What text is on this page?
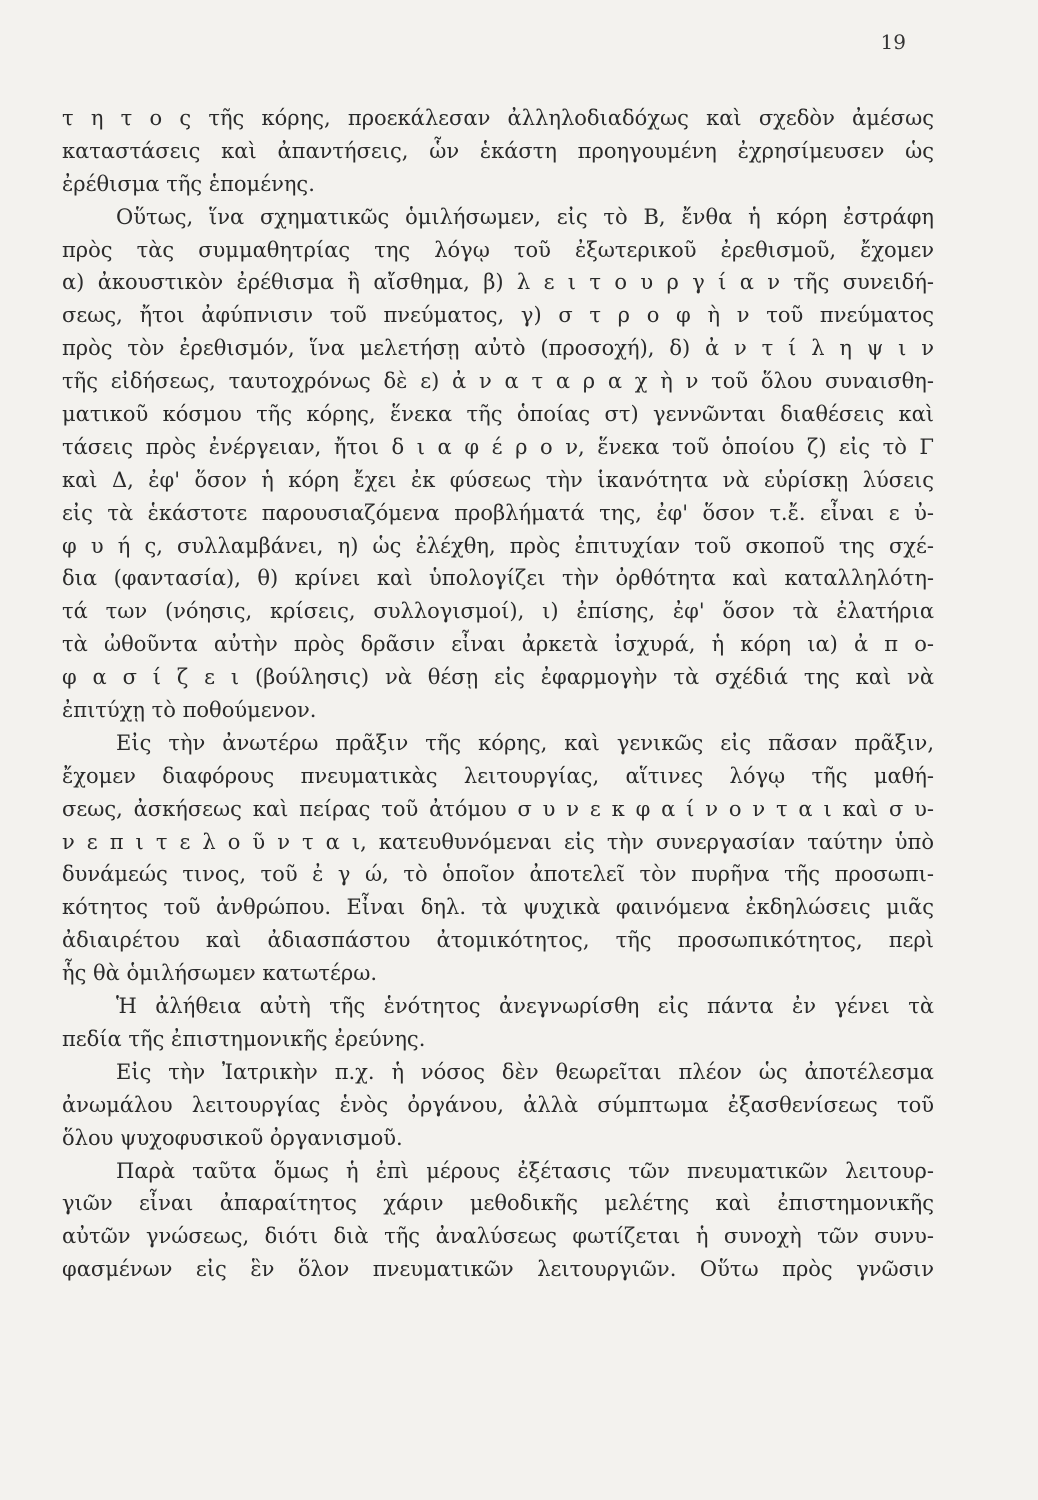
19
τ η τ ο ς τῆς κόρης, προεκάλεσαν ἀλληλοδιαδόχως καὶ σχεδὸν ἀμέσως
καταστάσεις καὶ ἀπαντήσεις, ὧν ἑκάστη προηγουμένη ἐχρησίμευσεν ὡς
ἐρέθισμα τῆς ἑπομένης.
Οὕτως, ἵνα σχηματικῶς ὁμιλήσωμεν, εἰς τὸ B, ἔνθα ἡ κόρη ἐστράφη
πρὸς τὰς συμμαθητρίας της λόγῳ τοῦ ἐξωτερικοῦ ἐρεθισμοῦ, ἔχομεν
α) ἀκουστικὸν ἐρέθισμα ἢ αἴσθημα, β) λ ε ι τ ο υ ρ γ ί α ν τῆς συνειδή-
σεως, ἤτοι ἀφύπνισιν τοῦ πνεύματος, γ) σ τ ρ ο φ ὴ ν τοῦ πνεύματος
πρὸς τὸν ἐρεθισμόν, ἵνα μελετήσῃ αὐτὸ (προσοχή), δ) ἀ ν τ ί λ η ψ ι ν
τῆς εἰδήσεως, ταυτοχρόνως δὲ ε) ἀ ν α τ α ρ α χ ὴ ν τοῦ ὅλου συναισθη-
ματικοῦ κόσμου τῆς κόρης, ἕνεκα τῆς ὁποίας στ) γεννῶνται διαθέσεις καὶ
τάσεις πρὸς ἐνέργειαν, ἤτοι δ ι α φ έ ρ ο ν, ἕνεκα τοῦ ὁποίου ζ) εἰς τὸ Γ
καὶ Δ, ἐφ' ὅσον ἡ κόρη ἔχει ἐκ φύσεως τὴν ἱκανότητα νὰ εὑρίσκῃ λύσεις
εἰς τὰ ἑκάστοτε παρουσιαζόμενα προβλήματά της, ἐφ' ὅσον τ.ἔ. εἶναι ε ὐ-
φ υ ή ς, συλλαμβάνει, η) ὡς ἐλέχθη, πρὸς ἐπιτυχίαν τοῦ σκοποῦ της σχέ-
δια (φαντασία), θ) κρίνει καὶ ὑπολογίζει τὴν ὀρθότητα καὶ καταλληλότη-
τά των (νόησις, κρίσεις, συλλογισμοί), ι) ἐπίσης, ἐφ' ὅσον τὰ ἐλατήρια
τὰ ὠθοῦντα αὐτὴν πρὸς δρᾶσιν εἶναι ἀρκετὰ ἰσχυρά, ἡ κόρη ια) ἀ π ο-
φ α σ ί ζ ε ι (βούλησις) νὰ θέσῃ εἰς ἐφαρμογὴν τὰ σχέδιά της καὶ νὰ
ἐπιτύχῃ τὸ ποθούμενον.
Εἰς τὴν ἀνωτέρω πρᾶξιν τῆς κόρης, καὶ γενικῶς εἰς πᾶσαν πρᾶξιν,
ἔχομεν διαφόρους πνευματικὰς λειτουργίας, αἵτινες λόγῳ τῆς μαθή-
σεως, ἀσκήσεως καὶ πείρας τοῦ ἀτόμου σ υ ν ε κ φ α ί ν ο ν τ α ι καὶ σ υ-
ν ε π ι τ ε λ ο ῦ ν τ α ι, κατευθυνόμεναι εἰς τὴν συνεργασίαν ταύτην ὑπὸ
δυνάμεώς τινος, τοῦ ἐ γ ώ, τὸ ὁποῖον ἀποτελεῖ τὸν πυρῆνα τῆς προσωπι-
κότητος τοῦ ἀνθρώπου. Εἶναι δηλ. τὰ ψυχικὰ φαινόμενα ἐκδηλώσεις μιᾶς
ἀδιαιρέτου καὶ ἀδιασπάστου ἀτομικότητος, τῆς προσωπικότητος, περὶ
ἧς θὰ ὁμιλήσωμεν κατωτέρω.
Ἡ ἀλήθεια αὐτὴ τῆς ἑνότητος ἀνεγνωρίσθη εἰς πάντα ἐν γένει τὰ
πεδία τῆς ἐπιστημονικῆς ἐρεύνης.
Εἰς τὴν Ἰατρικὴν π.χ. ἡ νόσος δὲν θεωρεῖται πλέον ὡς ἀποτέλεσμα
ἀνωμάλου λειτουργίας ἑνὸς ὀργάνου, ἀλλὰ σύμπτωμα ἐξασθενίσεως τοῦ
ὅλου ψυχοφυσικοῦ ὀργανισμοῦ.
Παρὰ ταῦτα ὅμως ἡ ἐπὶ μέρους ἐξέτασις τῶν πνευματικῶν λειτουρ-
γιῶν εἶναι ἀπαραίτητος χάριν μεθοδικῆς μελέτης καὶ ἐπιστημονικῆς
αὐτῶν γνώσεως, διότι διὰ τῆς ἀναλύσεως φωτίζεται ἡ συνοχὴ τῶν συνυ-
φασμένων εἰς ἓν ὅλον πνευματικῶν λειτουργιῶν. Οὕτω πρὸς γνῶσιν
